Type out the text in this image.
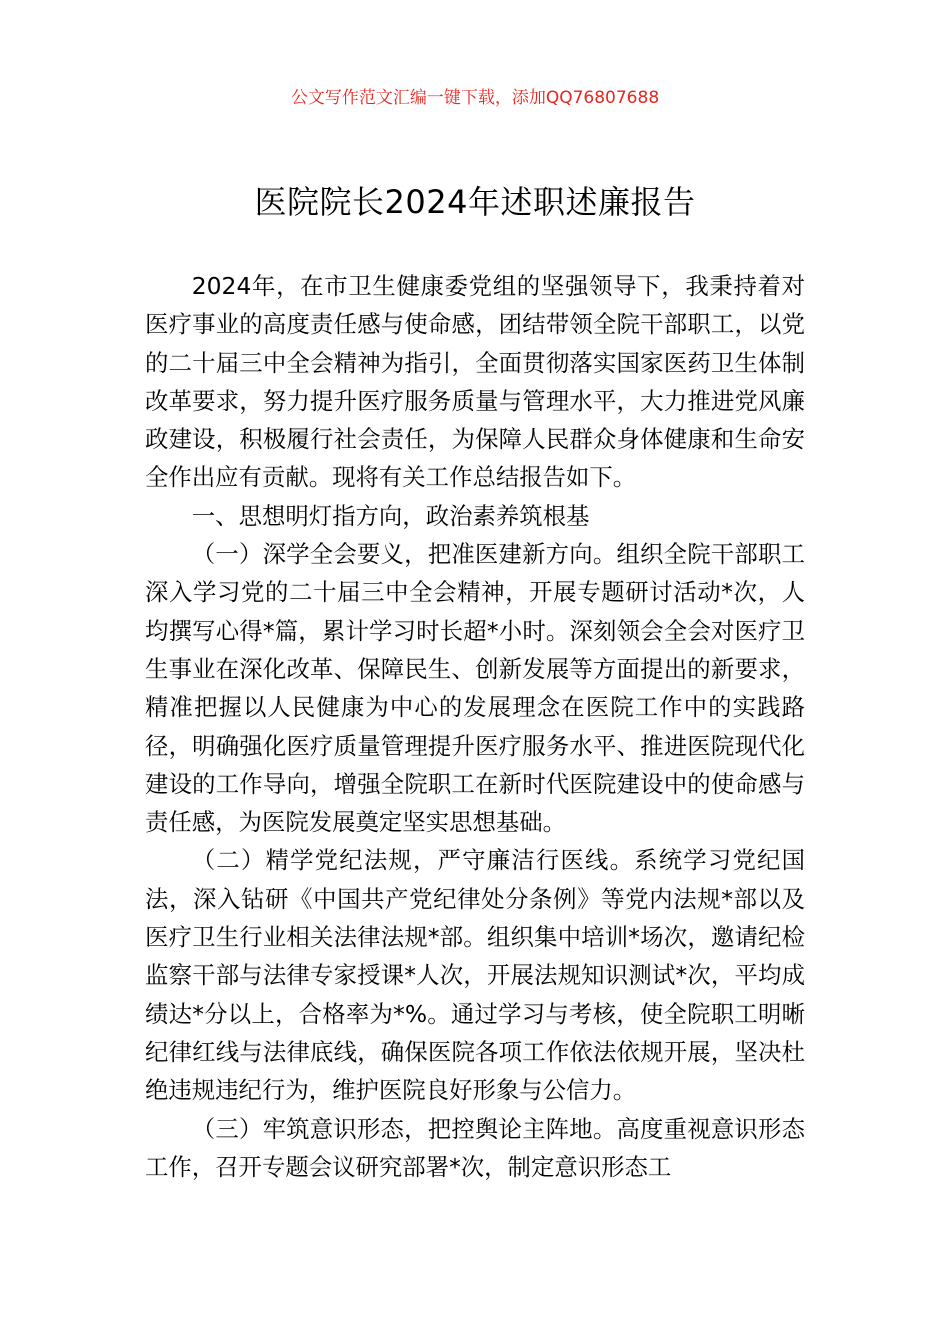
公文写作范文汇编一键下载，添加QQ76807688
医院院长2024年述职述廉报告

2024年，在市卫生健康委党组的坚强领导下，我秉持着对医疗事业的高度责任感与使命感，团结带领全院干部职工，以党的二十届三中全会精神为指引，全面贯彻落实国家医药卫生体制改革要求，努力提升医疗服务质量与管理水平，大力推进党风廉政建设，积极履行社会责任，为保障人民群众身体健康和生命安全作出应有贡献。现将有关工作总结报告如下。

一、思想明灯指方向，政治素养筑根基

（一）深学全会要义，把准医建新方向。组织全院干部职工深入学习党的二十届三中全会精神，开展专题研讨活动*次，人均撰写心得*篇，累计学习时长超*小时。深刻领会全会对医疗卫生事业在深化改革、保障民生、创新发展等方面提出的新要求，精准把握以人民健康为中心的发展理念在医院工作中的实践路径，明确强化医疗质量管理提升医疗服务水平、推进医院现代化建设的工作导向，增强全院职工在新时代医院建设中的使命感与责任感，为医院发展奠定坚实思想基础。

（二）精学党纪法规，严守廉洁行医线。系统学习党纪国法，深入钻研《中国共产党纪律处分条例》等党内法规*部以及医疗卫生行业相关法律法规*部。组织集中培训*场次，邀请纪检监察干部与法律专家授课*人次，开展法规知识测试*次，平均成绩达*分以上，合格率为*%。通过学习与考核，使全院职工明晰纪律红线与法律底线，确保医院各项工作依法依规开展，坚决杜绝违规违纪行为，维护医院良好形象与公信力。

（三）牢筑意识形态，把控舆论主阵地。高度重视意识形态工作，召开专题会议研究部署*次，制定意识形态工
